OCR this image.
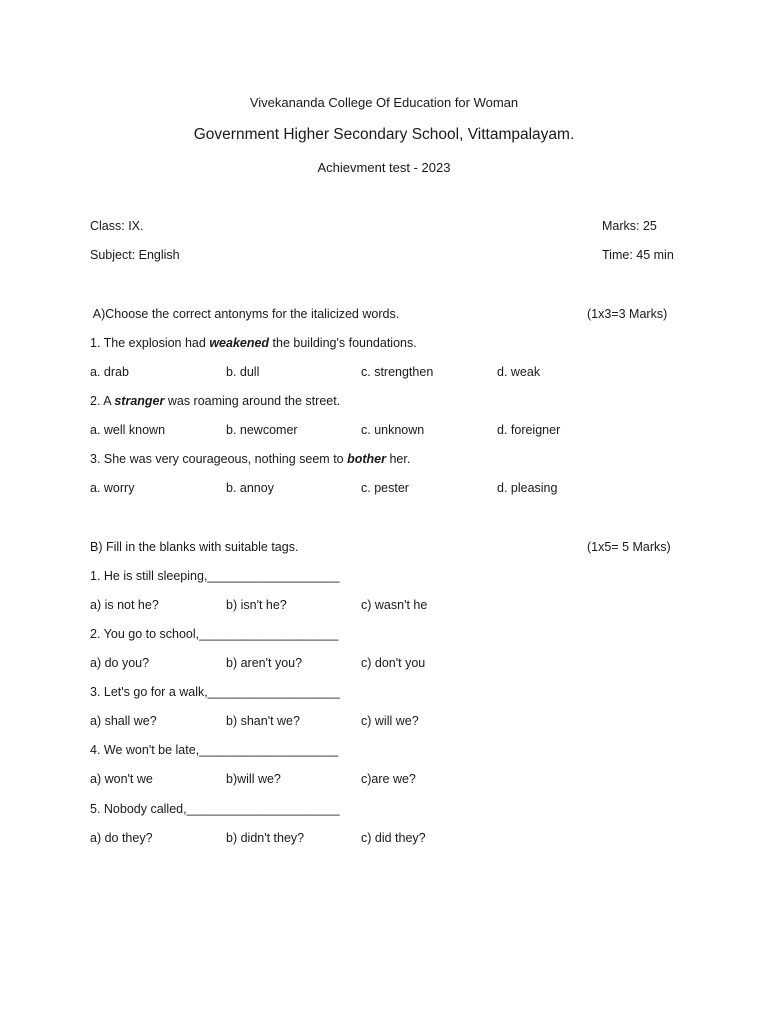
Vivekananda College Of Education for Woman
Government Higher Secondary School, Vittampalayam.
Achievment test - 2023
Class: IX.	Marks: 25
Subject: English	Time: 45 min
A)Choose the correct antonyms for the italicized words.	(1x3=3 Marks)
1. The explosion had weakened the building's foundations.
a. drab	b. dull	c. strengthen	d. weak
2. A stranger was roaming around the street.
a. well known	b. newcomer	c. unknown	d. foreigner
3. She was very courageous, nothing seem to bother her.
a. worry	b. annoy	c. pester	d. pleasing
B) Fill in the blanks with suitable tags.	(1x5= 5 Marks)
1. He is still sleeping,___________________
a) is not he?	b) isn't he?	c) wasn't he
2. You go to school,____________________
a) do you?	b) aren't you?	c) don't you
3. Let's go for a walk,___________________
a) shall we?	b) shan't we?	c) will we?
4. We won't be late,____________________
a) won't we	b)will we?	c)are we?
5. Nobody called,______________________
a) do they?	b) didn't they?	c) did they?
